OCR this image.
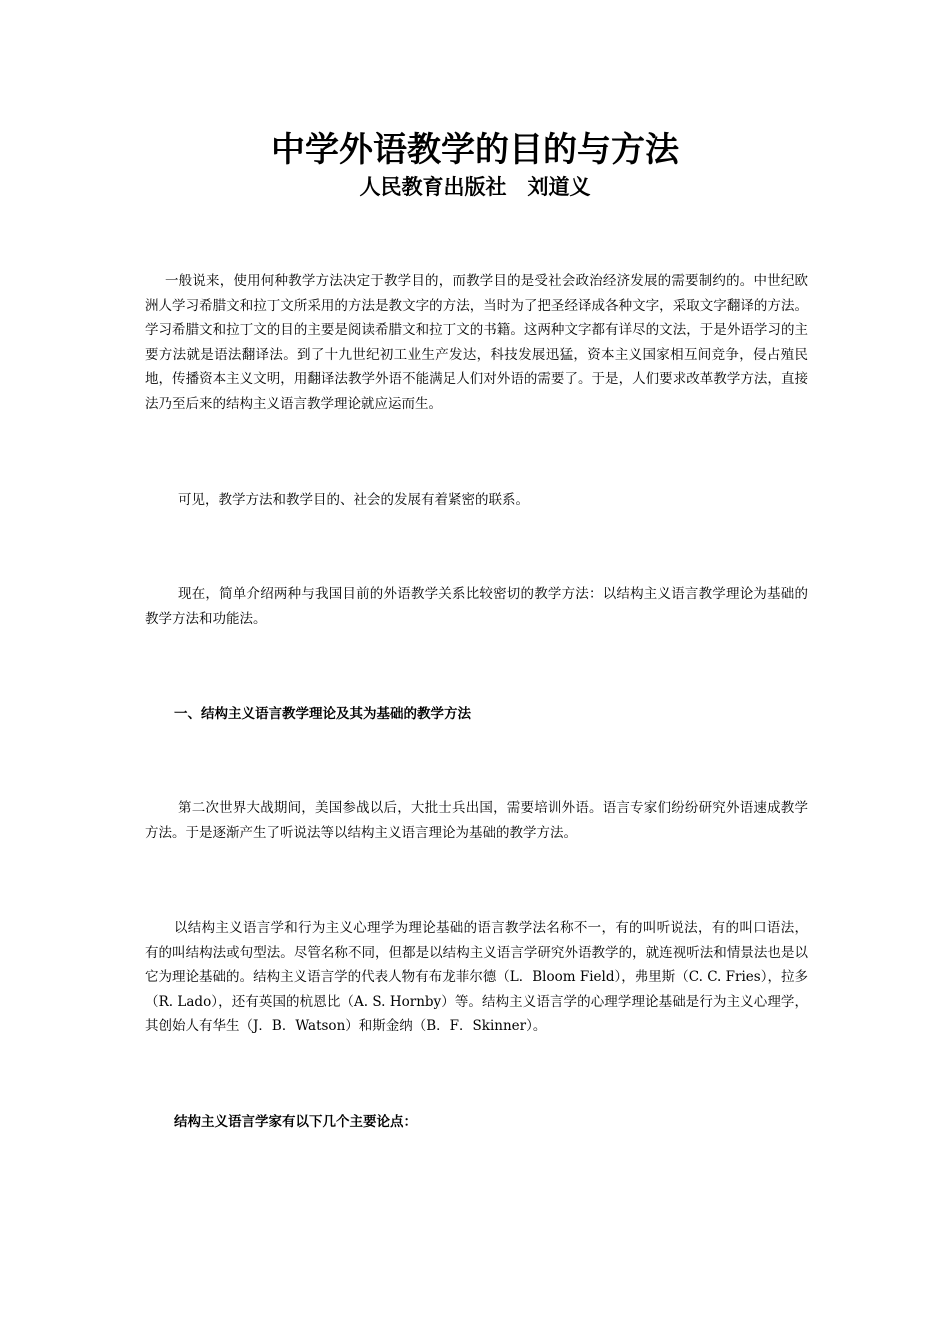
中学外语教学的目的与方法
人民教育出版社　刘道义

一般说来，使用何种教学方法决定于教学目的，而教学目的是受社会政治经济发展的需要制约的。中世纪欧洲人学习希腊文和拉丁文所采用的方法是教文字的方法，当时为了把圣经译成各种文字，采取文字翻译的方法。学习希腊文和拉丁文的目的主要是阅读希腊文和拉丁文的书籍。这两种文字都有详尽的文法，于是外语学习的主要方法就是语法翻译法。到了十九世纪初工业生产发达，科技发展迅猛，资本主义国家相互间竞争，侵占殖民地，传播资本主义文明，用翻译法教学外语不能满足人们对外语的需要了。于是，人们要求改革教学方法，直接法乃至后来的结构主义语言教学理论就应运而生。

可见，教学方法和教学目的、社会的发展有着紧密的联系。

现在，简单介绍两种与我国目前的外语教学关系比较密切的教学方法：以结构主义语言教学理论为基础的教学方法和功能法。

一、结构主义语言教学理论及其为基础的教学方法

第二次世界大战期间，美国参战以后，大批士兵出国，需要培训外语。语言专家们纷纷研究外语速成教学方法。于是逐渐产生了听说法等以结构主义语言理论为基础的教学方法。

以结构主义语言学和行为主义心理学为理论基础的语言教学法名称不一，有的叫听说法，有的叫口语法，有的叫结构法或句型法。尽管名称不同，但都是以结构主义语言学研究外语教学的，就连视听法和情景法也是以它为理论基础的。结构主义语言学的代表人物有布龙菲尔德（L．Bloom Field），弗里斯（C. C. Fries），拉多（R. Lado），还有英国的杭恩比（A. S. Hornby）等。结构主义语言学的心理学理论基础是行为主义心理学，其创始人有华生（J．B．Watson）和斯金纳（B．F．Skinner）。

结构主义语言学家有以下几个主要论点：
